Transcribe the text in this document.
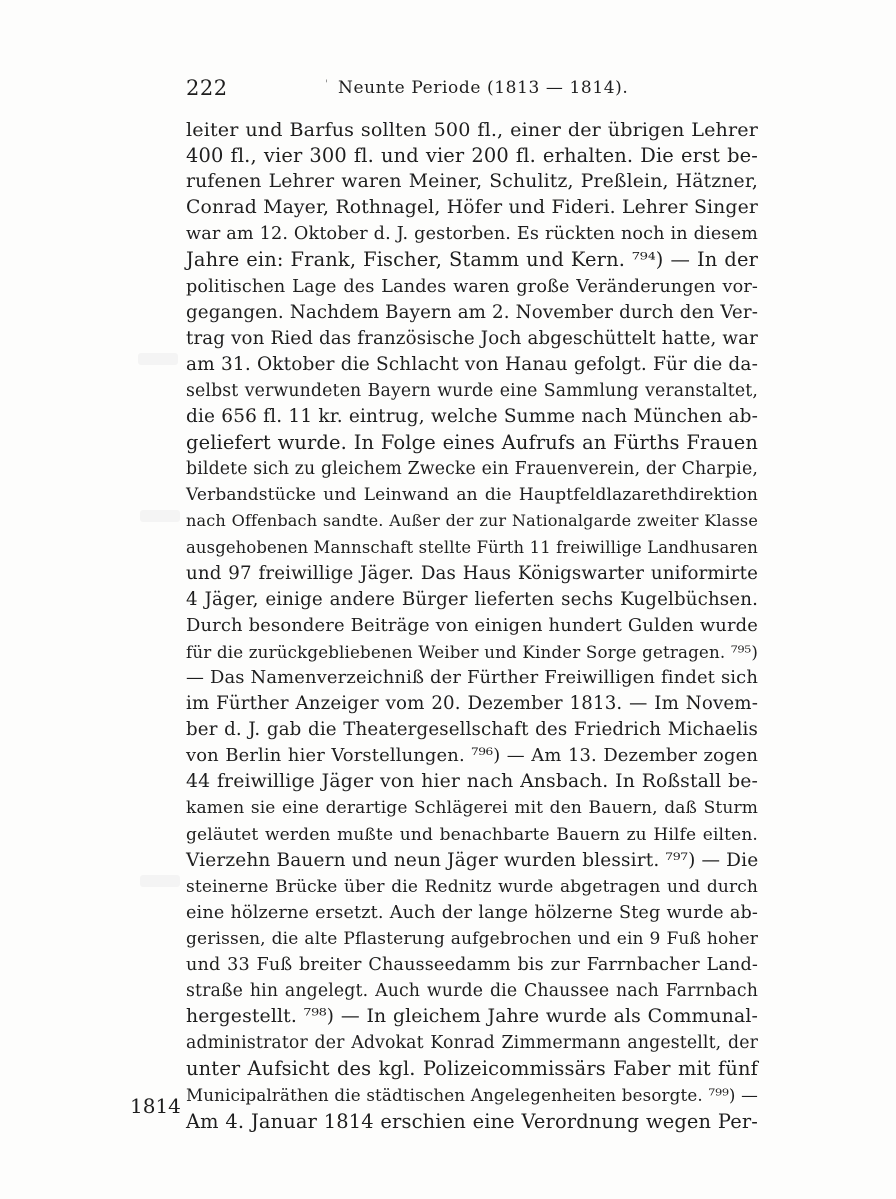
222	' Neunte Periode (1813 — 1814).
leiter und Barfus sollten 500 fl., einer der übrigen Lehrer
400 fl., vier 300 fl. und vier 200 fl. erhalten. Die erst be-
rufenen Lehrer waren Meiner, Schulitz, Preßlein, Hätzner,
Conrad Mayer, Rothnagel, Höfer und Fideri. Lehrer Singer
war am 12. Oktober d. J. gestorben. Es rückten noch in diesem
Jahre ein: Frank, Fischer, Stamm und Kern. ⁷⁹⁴) — In der
politischen Lage des Landes waren große Veränderungen vor-
gegangen. Nachdem Bayern am 2. November durch den Ver-
trag von Ried das französische Joch abgeschüttelt hatte, war
am 31. Oktober die Schlacht von Hanau gefolgt. Für die da-
selbst verwundeten Bayern wurde eine Sammlung veranstaltet,
die 656 fl. 11 kr. eintrug, welche Summe nach München ab-
geliefert wurde. In Folge eines Aufrufs an Fürths Frauen
bildete sich zu gleichem Zwecke ein Frauenverein, der Charpie,
Verbandstücke und Leinwand an die Hauptfeldlazarethdirektion
nach Offenbach sandte. Außer der zur Nationalgarde zweiter Klasse
ausgehobenen Mannschaft stellte Fürth 11 freiwillige Landhusaren
und 97 freiwillige Jäger. Das Haus Königswarter uniformirte
4 Jäger, einige andere Bürger lieferten sechs Kugelbüchsen.
Durch besondere Beiträge von einigen hundert Gulden wurde
für die zurückgebliebenen Weiber und Kinder Sorge getragen. ⁷⁹⁵)
— Das Namenverzeichniß der Fürther Freiwilligen findet sich
im Fürther Anzeiger vom 20. Dezember 1813. — Im Novem-
ber d. J. gab die Theatergesellschaft des Friedrich Michaelis
von Berlin hier Vorstellungen. ⁷⁹⁶) — Am 13. Dezember zogen
44 freiwillige Jäger von hier nach Ansbach. In Roßstall be-
kamen sie eine derartige Schlägerei mit den Bauern, daß Sturm
geläutet werden mußte und benachbarte Bauern zu Hilfe eilten.
Vierzehn Bauern und neun Jäger wurden blessirt. ⁷⁹⁷) — Die
steinerne Brücke über die Rednitz wurde abgetragen und durch
eine hölzerne ersetzt. Auch der lange hölzerne Steg wurde ab-
gerissen, die alte Pflasterung aufgebrochen und ein 9 Fuß hoher
und 33 Fuß breiter Chausseedamm bis zur Farrnbacher Land-
straße hin angelegt. Auch wurde die Chaussee nach Farrnbach
hergestellt. ⁷⁹⁸) — In gleichem Jahre wurde als Communal-
administrator der Advokat Konrad Zimmermann angestellt, der
unter Aufsicht des kgl. Polizeicommissärs Faber mit fünf
Municipalräthen die städtischen Angelegenheiten besorgte. ⁷⁹⁹) —
Am 4. Januar 1814 erschien eine Verordnung wegen Per-
1814
